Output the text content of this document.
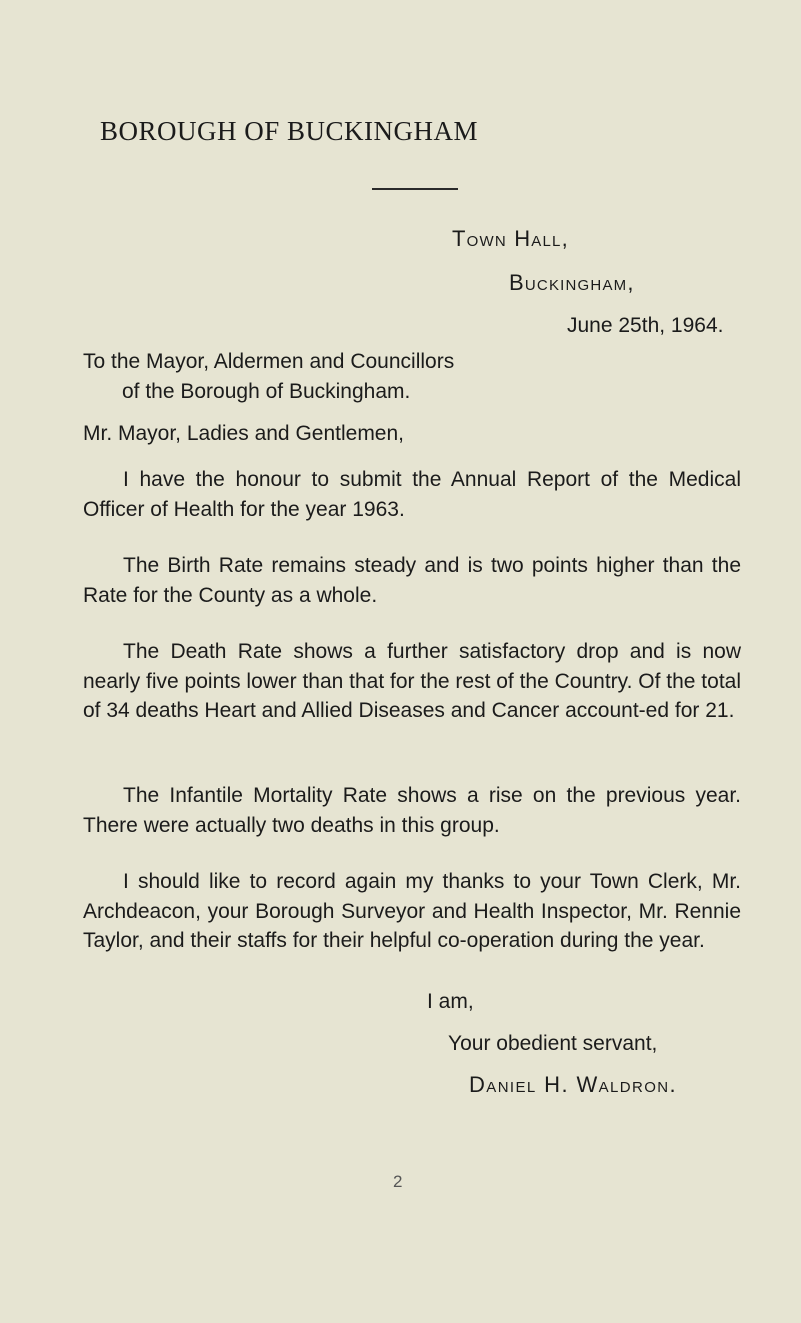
BOROUGH OF BUCKINGHAM
Town Hall,
Buckingham,
June 25th, 1964.
To the Mayor, Aldermen and Councillors
of the Borough of Buckingham.
Mr. Mayor, Ladies and Gentlemen,

I have the honour to submit the Annual Report of the Medical Officer of Health for the year 1963.

The Birth Rate remains steady and is two points higher than the Rate for the County as a whole.

The Death Rate shows a further satisfactory drop and is now nearly five points lower than that for the rest of the Country. Of the total of 34 deaths Heart and Allied Diseases and Cancer account-ed for 21.

The Infantile Mortality Rate shows a rise on the previous year. There were actually two deaths in this group.

I should like to record again my thanks to your Town Clerk, Mr. Archdeacon, your Borough Surveyor and Health Inspector, Mr. Rennie Taylor, and their staffs for their helpful co-operation during the year.

I am,
Your obedient servant,
Daniel H. Waldron.
2
